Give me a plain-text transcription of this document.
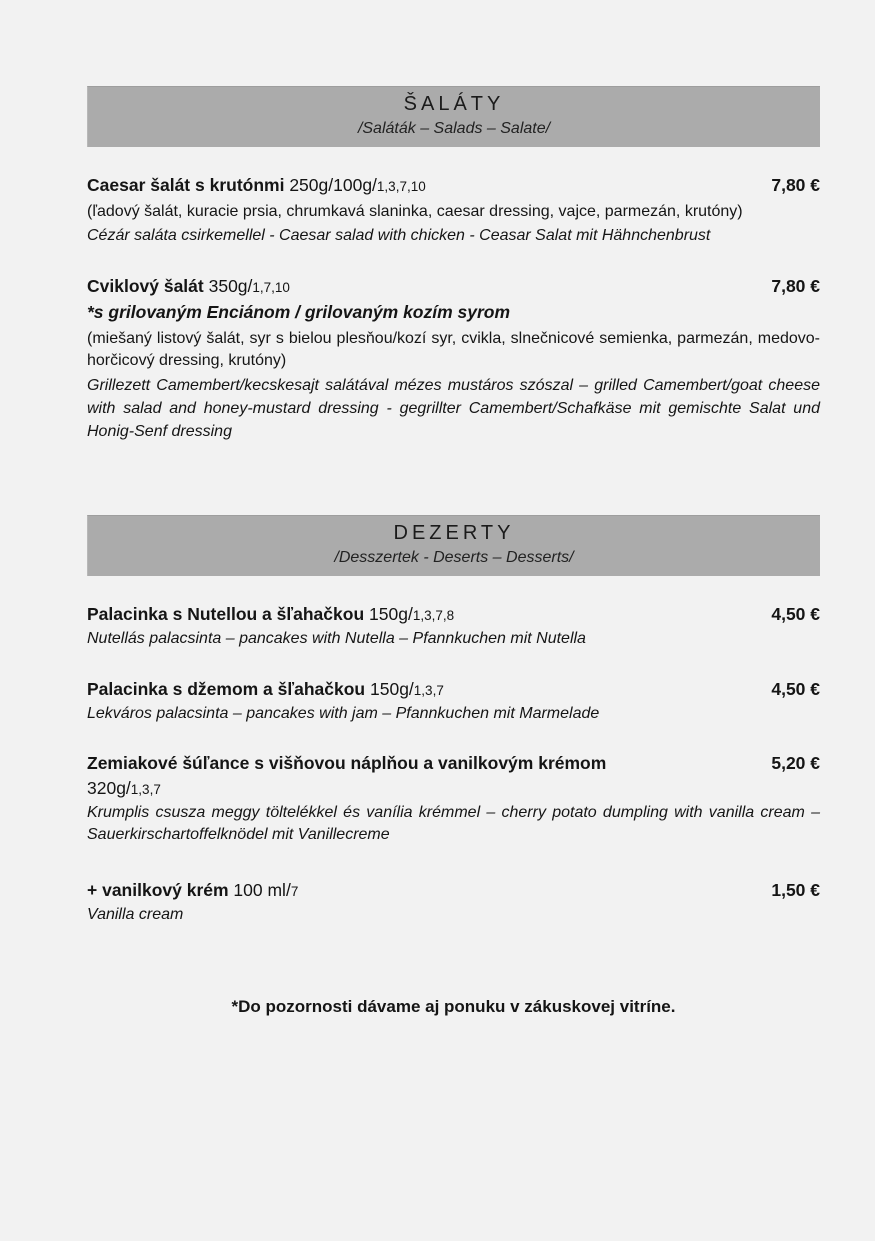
ŠALÁTY
/Saláták – Salads – Salate/
Caesar šalát s krutónmi 250g/100g/1,3,7,10	7,80 €
(ľadový šalát, kuracie prsia, chrumkavá slaninka, caesar dressing, vajce, parmezán, krutóny)
Cézár saláta csirkemellel - Caesar salad with chicken - Ceasar Salat mit Hähnchenbrust
Cviklový šalát 350g/1,7,10	7,80 €
*s grilovaným Enciánom / grilovaným kozím syrom
(miešaný listový šalát, syr s bielou plesňou/kozí syr, cvikla, slnečnicové semienka, parmezán, medovo-horčicový dressing, krutóny)
Grillezett Camembert/kecskesajt salátával mézes mustáros szószal – grilled Camembert/goat cheese with salad and honey-mustard dressing - gegrillter Camembert/Schafkäse mit gemischte Salat und Honig-Senf dressing
DEZERTY
/Desszertek - Deserts – Desserts/
Palacinka s Nutellou a šľahačkou 150g/1,3,7,8	4,50 €
Nutellás palacsinta – pancakes with Nutella – Pfannkuchen mit Nutella
Palacinka s džemom a šľahačkou 150g/1,3,7	4,50 €
Lekváros palacsinta – pancakes with jam – Pfannkuchen mit Marmelade
Zemiakové šúľance s višňovou náplňou a vanilkovým krémom	5,20 €
320g/1,3,7
Krumplis csusza meggy töltelékkel és vanília krémmel – cherry potato dumpling with vanilla cream – Sauerkirschartoffelknödel mit Vanillecreme
+ vanilkový krém 100 ml/7	1,50 €
Vanilla cream
*Do pozornosti dávame aj ponuku v zákuskovej vitríne.
